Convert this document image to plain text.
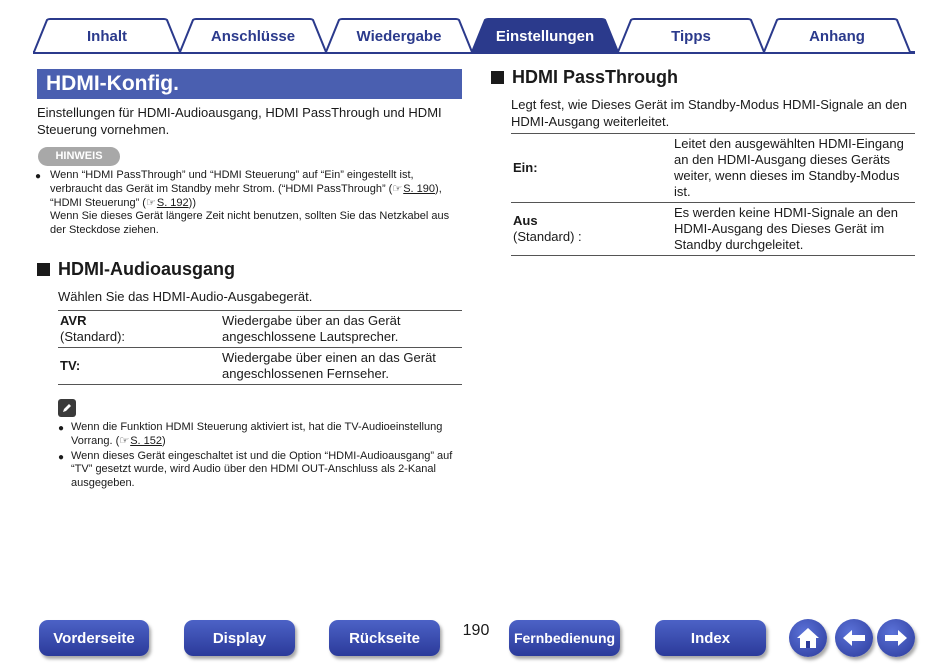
Inhalt	Anschlüsse	Wiedergabe	Einstellungen	Tipps	Anhang
HDMI-Konfig.
Einstellungen für HDMI-Audioausgang, HDMI PassThrough und HDMI Steuerung vornehmen.
HINWEIS
● Wenn “HDMI PassThrough” und “HDMI Steuerung” auf “Ein” eingestellt ist, verbraucht das Gerät im Standby mehr Strom. (“HDMI PassThrough” (☞S. 190), “HDMI Steuerung” (☞S. 192))
Wenn Sie dieses Gerät längere Zeit nicht benutzen, sollten Sie das Netzkabel aus der Steckdose ziehen.
HDMI-Audioausgang
Wählen Sie das HDMI-Audio-Ausgabegerät.
AVR
(Standard):	Wiedergabe über an das Gerät angeschlossene Lautsprecher.
TV:	Wiedergabe über einen an das Gerät angeschlossenen Fernseher.
● Wenn die Funktion HDMI Steuerung aktiviert ist, hat die TV-Audioeinstellung Vorrang. (☞S. 152)
● Wenn dieses Gerät eingeschaltet ist und die Option “HDMI-Audioausgang” auf “TV” gesetzt wurde, wird Audio über den HDMI OUT-Anschluss als 2-Kanal ausgegeben.
HDMI PassThrough
Legt fest, wie Dieses Gerät im Standby-Modus HDMI-Signale an den HDMI-Ausgang weiterleitet.
Ein:	Leitet den ausgewählten HDMI-Eingang an den HDMI-Ausgang dieses Geräts weiter, wenn dieses im Standby-Modus ist.
Aus
(Standard) :	Es werden keine HDMI-Signale an den HDMI-Ausgang des Dieses Gerät im Standby durchgeleitet.
Vorderseite	Display	Rückseite	190	Fernbedienung	Index
